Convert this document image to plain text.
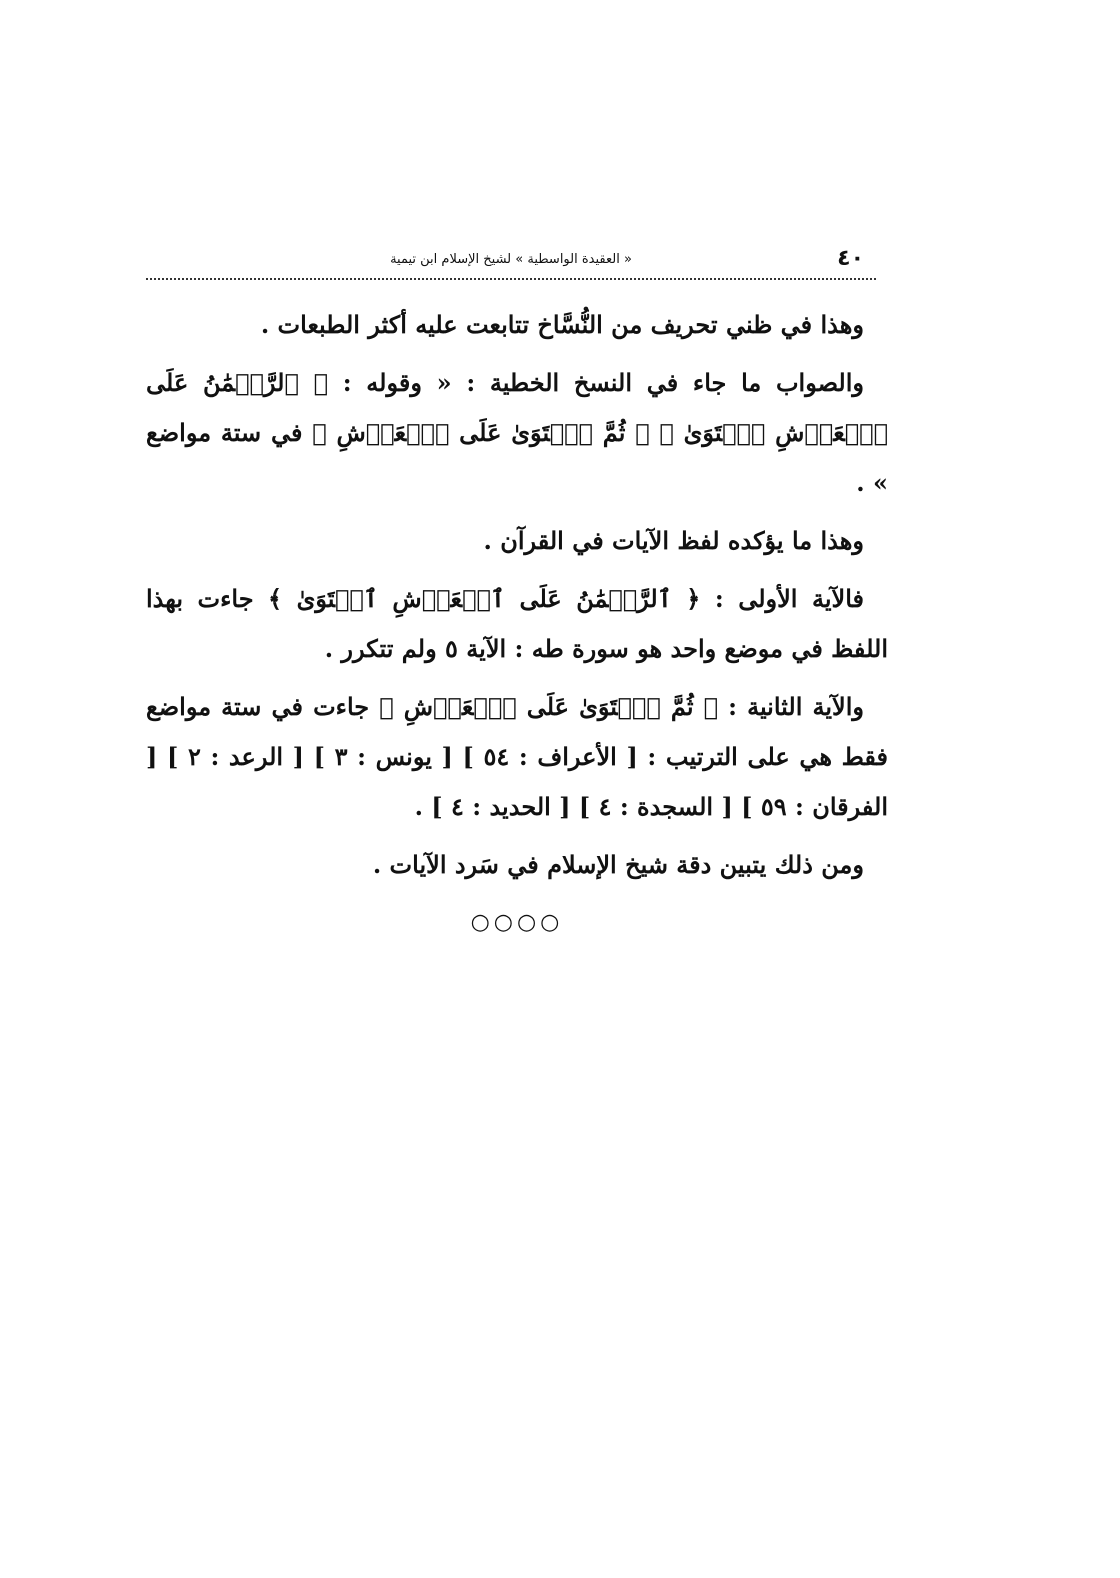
٤٠
« العقيدة الواسطية » لشيخ الإسلام ابن تيمية

وهذا في ظني تحريف من النُّسَّاخ تتابعت عليه أكثر الطبعات .

والصواب ما جاء في النسخ الخطية : « وقوله : ﴿ ٱلرَّحۡمَٰنُ عَلَى ٱلۡعَرۡشِ ٱسۡتَوَىٰ ﴾ ﴿ ثُمَّ ٱسۡتَوَىٰ عَلَى ٱلۡعَرۡشِ ﴾ في ستة مواضع » .

وهذا ما يؤكده لفظ الآيات في القرآن .

فالآية الأولى : ﴿ ٱلرَّحۡمَٰنُ عَلَى ٱلۡعَرۡشِ ٱسۡتَوَىٰ ﴾ جاءت بهذا اللفظ في موضع واحد هو سورة طه : الآية ٥ ولم تتكرر .

والآية الثانية : ﴿ ثُمَّ ٱسۡتَوَىٰ عَلَى ٱلۡعَرۡشِ ﴾ جاءت في ستة مواضع فقط هي على الترتيب : [ الأعراف : ٥٤ ] [ يونس : ٣ ] [ الرعد : ٢ ] [ الفرقان : ٥٩ ] [ السجدة : ٤ ] [ الحديد : ٤ ] .

ومن ذلك يتبين دقة شيخ الإسلام في سَرد الآيات .

○○○○
